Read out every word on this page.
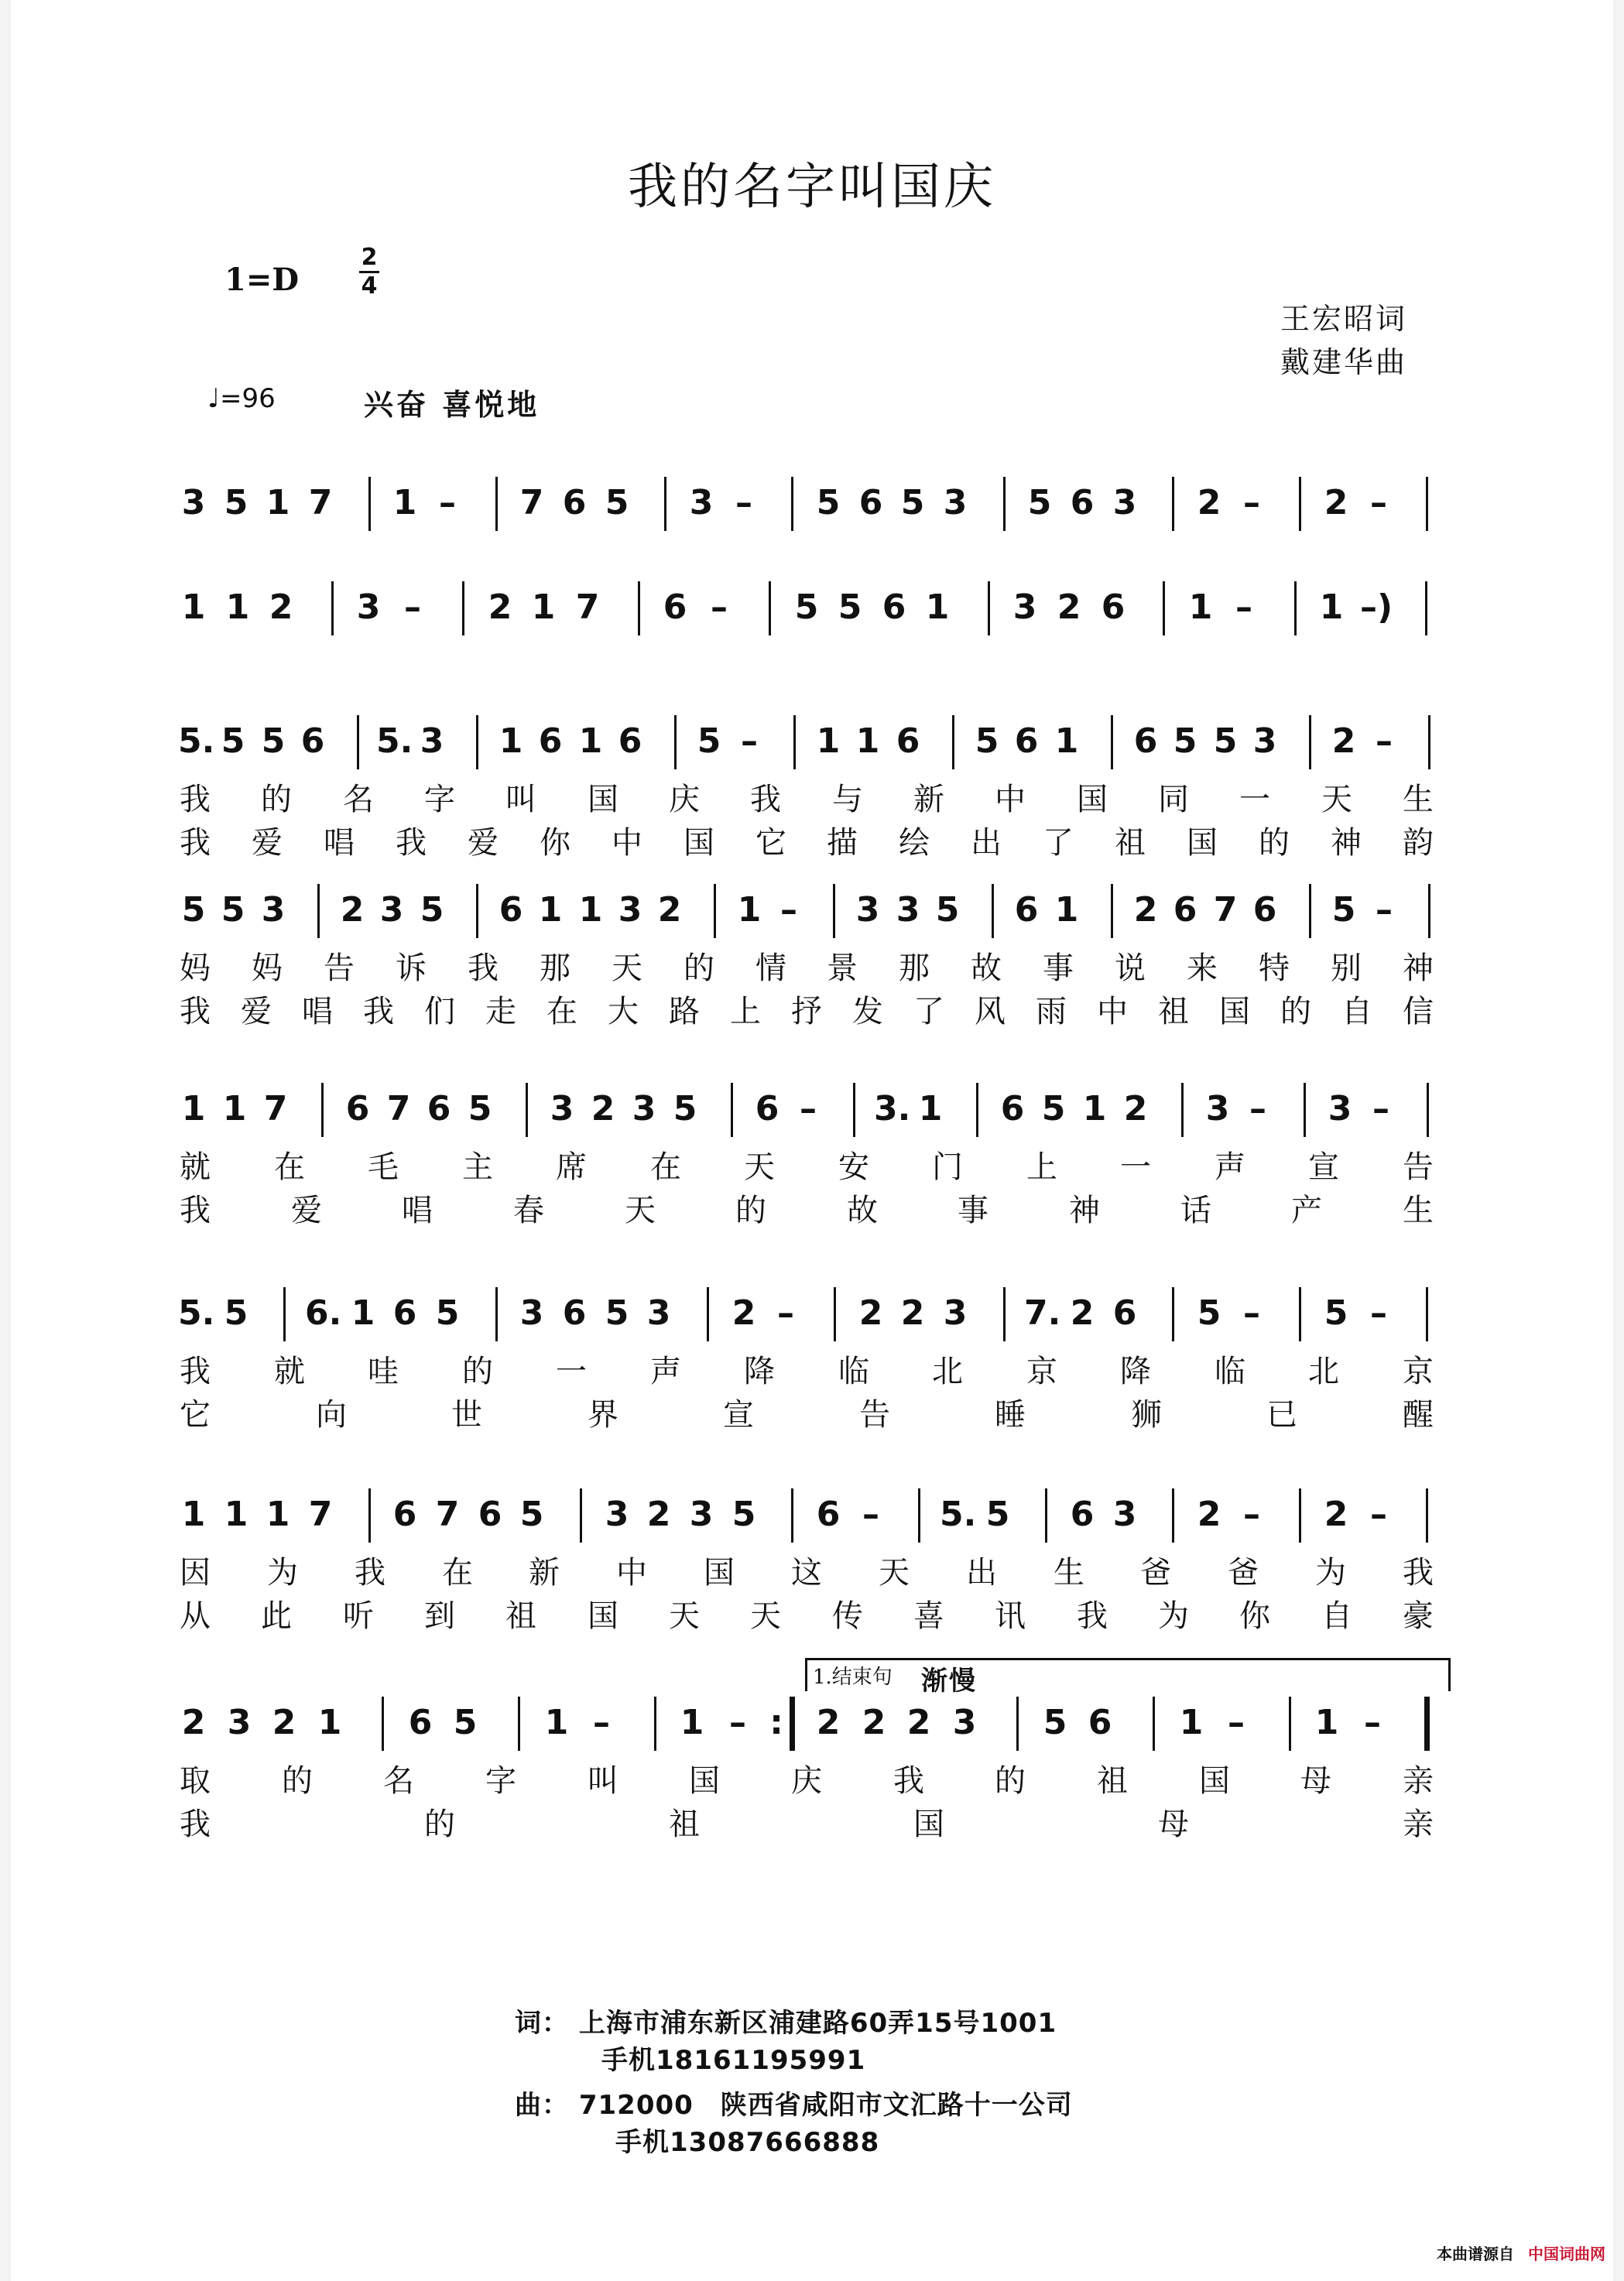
我的名字叫国庆
1=D
2
4
王宏昭词
戴建华曲
♩=96	兴奋 喜悦地
3 5 1 7 1 – 7 6 5 3 – 5 6 5 3 5 6 3 2 – 2 –
1 1 2 3 – 2 1 7 6 – 5 5 6 1 3 2 6 1 – 1 –)
5. 5 5 6 5. 3 1 6 1 6 5 – 1 1 6 5 6 1 6 5 5 3 2 –
我 的 名 字 叫 国 庆 我 与 新 中 国 同 一 天 生
我 爱 唱 我 爱 你 中 国 它 描 绘 出 了 祖 国 的 神 韵
5 5 3 2 3 5 6 1 1 3 2 1 – 3 3 5 6 1 2 6 7 6 5 –
妈 妈 告 诉 我 那 天 的 情 景 那 故 事 说 来 特 别 神
我 爱 唱 我 们 走 在 大 路 上 抒 发 了 风 雨 中 祖 国 的 自 信
1 1 7 6 7 6 5 3 2 3 5 6 – 3. 1 6 5 1 2 3 – 3 –
就 在 毛 主 席 在 天 安 门 上 一 声 宣 告
我	爱	唱	春	天	的	故	事	神	话	产	生
5. 5 6. 1 6 5 3 6 5 3 2 – 2 2 3 7. 2 6 5 – 5 –
我 就 哇 的 一 声 降 临 北 京 降 临 北 京
它	向	世	界	宣	告	睡	狮	已	醒
1 1 1 7 6 7 6 5 3 2 3 5 6 – 5. 5 6 3 2 – 2 –
因 为 我 在 新 中 国 这 天 出 生 爸 爸 为 我
从 此 听 到 祖 国 天 天 传 喜 讯 我 为 你 自 豪
2 3 2 1 6 5 1 – 1 – : 2 2 2 3 5 6 1 – 1 –
取 的 名 字 叫 国 庆 我 的 祖 国 母 亲
我	的	祖	国	母	亲
1.结束句 渐慢
词： 上海市浦东新区浦建路60弄15号1001
手机18161195991
曲： 712000　陕西省咸阳市文汇路十一公司
手机13087666888
本曲谱源自 中国词曲网
